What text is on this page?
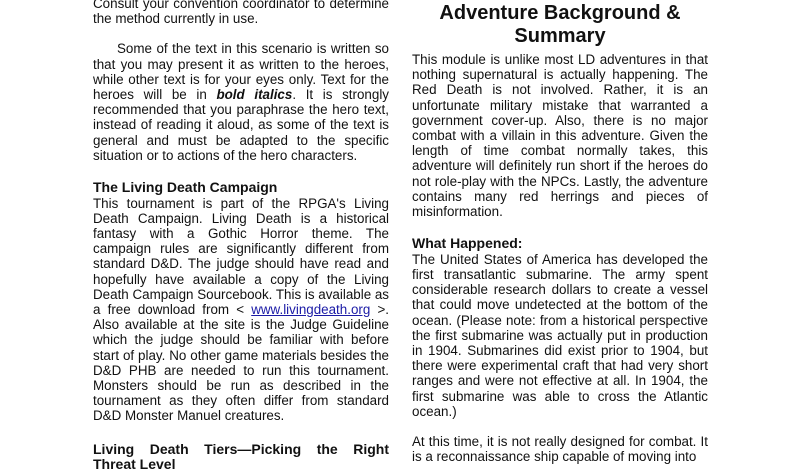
Consult your convention coordinator to determine the method currently in use.

Some of the text in this scenario is written so that you may present it as written to the heroes, while other text is for your eyes only. Text for the heroes will be in bold italics. It is strongly recommended that you paraphrase the hero text, instead of reading it aloud, as some of the text is general and must be adapted to the specific situation or to actions of the hero characters.

The Living Death Campaign

This tournament is part of the RPGA's Living Death Campaign. Living Death is a historical fantasy with a Gothic Horror theme. The campaign rules are significantly different from standard D&D. The judge should have read and hopefully have available a copy of the Living Death Campaign Sourcebook. This is available as a free download from < www.livingdeath.org >. Also available at the site is the Judge Guideline which the judge should be familiar with before start of play. No other game materials besides the D&D PHB are needed to run this tournament. Monsters should be run as described in the tournament as they often differ from standard D&D Monster Manuel creatures.

Living Death Tiers—Picking the Right Threat Level
Adventure Background & Summary

This module is unlike most LD adventures in that nothing supernatural is actually happening. The Red Death is not involved. Rather, it is an unfortunate military mistake that warranted a government cover-up. Also, there is no major combat with a villain in this adventure. Given the length of time combat normally takes, this adventure will definitely run short if the heroes do not role-play with the NPCs. Lastly, the adventure contains many red herrings and pieces of misinformation.

What Happened:

The United States of America has developed the first transatlantic submarine. The army spent considerable research dollars to create a vessel that could move undetected at the bottom of the ocean. (Please note: from a historical perspective the first submarine was actually put in production in 1904. Submarines did exist prior to 1904, but there were experimental craft that had very short ranges and were not effective at all. In 1904, the first submarine was able to cross the Atlantic ocean.)

At this time, it is not really designed for combat. It is a reconnaissance ship capable of moving into
